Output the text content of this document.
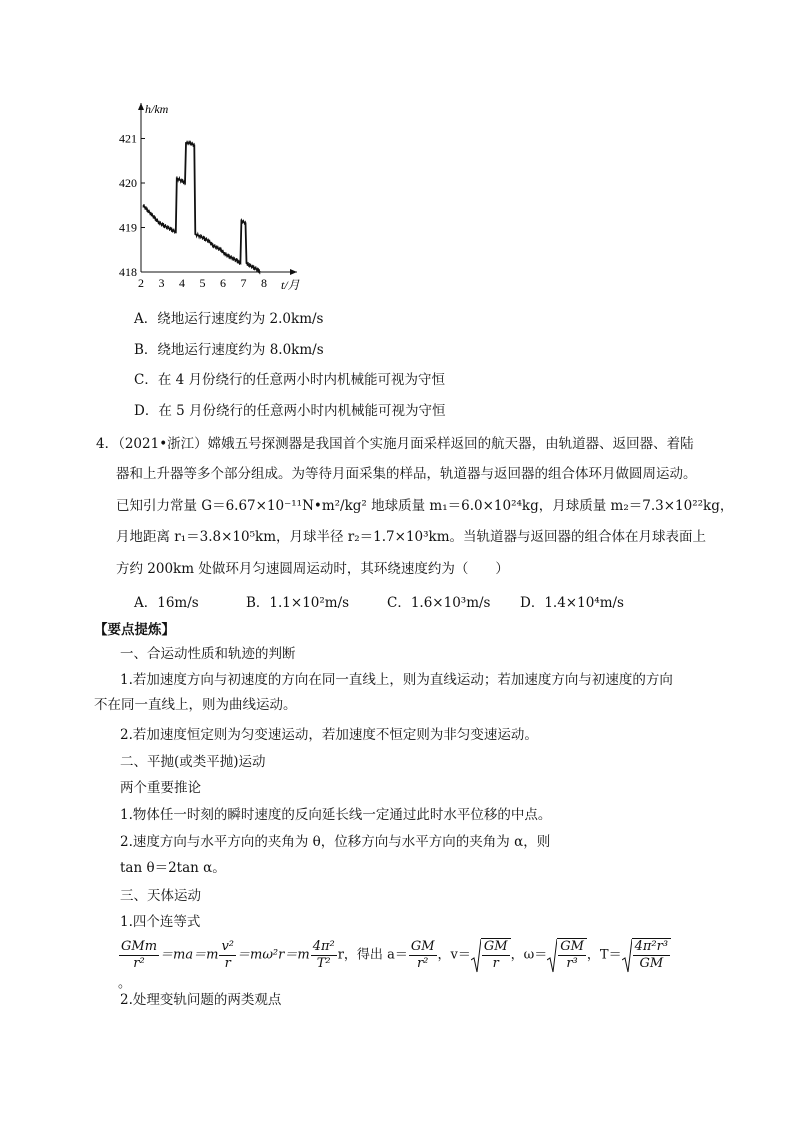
h/km
t/月
418
419
420
421
2 3 4 5 6 7 8
A．绕地运行速度约为 2.0km/s
B．绕地运行速度约为 8.0km/s
C．在 4 月份绕行的任意两小时内机械能可视为守恒
D．在 5 月份绕行的任意两小时内机械能可视为守恒
4．（2021•浙江）嫦娥五号探测器是我国首个实施月面采样返回的航天器，由轨道器、返回器、着陆
器和上升器等多个部分组成。为等待月面采集的样品，轨道器与返回器的组合体环月做圆周运动。
已知引力常量 G＝6.67×10⁻¹¹N•m²/kg² 地球质量 m₁＝6.0×10²⁴kg，月球质量 m₂＝7.3×10²²kg，
月地距离 r₁＝3.8×10⁵km，月球半径 r₂＝1.7×10³km。当轨道器与返回器的组合体在月球表面上
方约 200km 处做环月匀速圆周运动时，其环绕速度约为（　　）
A．16m/s	B．1.1×10²m/s	C．1.6×10³m/s D．1.4×10⁴m/s
【要点提炼】
一、合运动性质和轨迹的判断
1.若加速度方向与初速度的方向在同一直线上，则为直线运动；若加速度方向与初速度的方向
不在同一直线上，则为曲线运动。
2.若加速度恒定则为匀变速运动，若加速度不恒定则为非匀变速运动。
二、平抛(或类平抛)运动
两个重要推论
1.物体任一时刻的瞬时速度的反向延长线一定通过此时水平位移的中点。
2.速度方向与水平方向的夹角为 θ，位移方向与水平方向的夹角为 α，则
tan θ＝2tan α。
三、天体运动
1.四个连等式
$\frac{\text{GMm}}{\text{r²}} =ma=m \frac{\text{v²}}{r} =m\omega^2r=m \frac{\text{4π²}}{\text{T²}}$ r，得出 $a= \frac{GM}{\text{r²}}$ ，$v= \frac{GM}{r}$ ，$\omega= \frac{GM}{\text{r³}}$ ，$T= \frac{\text{4π²r³}}{GM}$
。
2.处理变轨问题的两类观点
